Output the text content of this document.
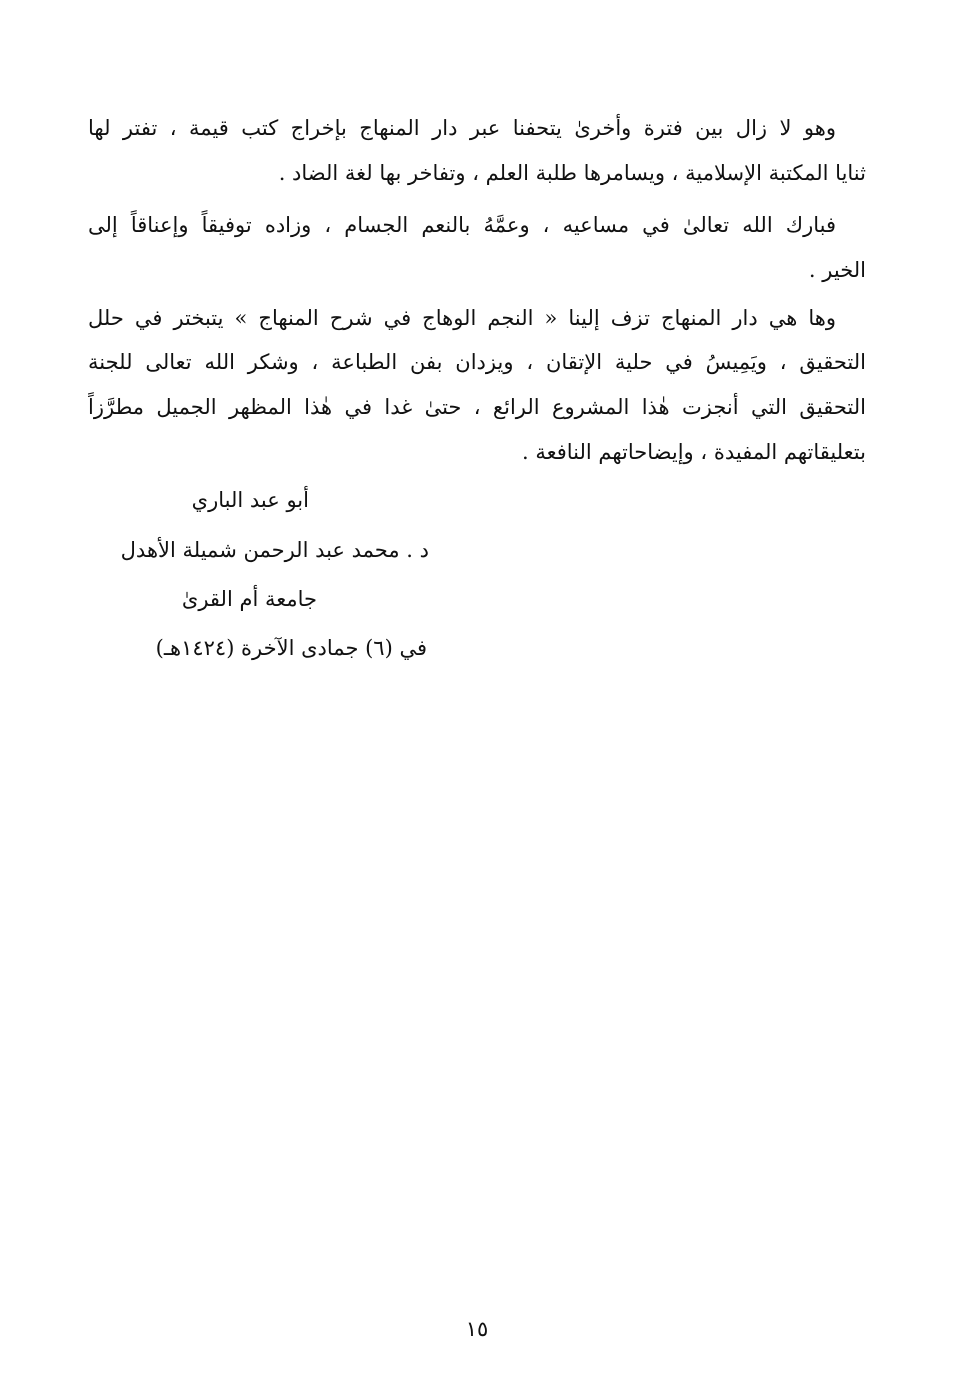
وهو لا زال بين فترة وأخرىٰ يتحفنا عبر دار المنهاج بإخراج كتب قيمة ، تفتر لها
ثنايا المكتبة الإسلامية ، ويسامرها طلبة العلم ، وتفاخر بها لغة الضاد .
فبارك الله تعالىٰ في مساعيه ، وعمَّهُ بالنعم الجسام ، وزاده توفيقاً وإعناقاً إلى
الخير .
وها هي دار المنهاج تزف إلينا « النجم الوهاج في شرح المنهاج » يتبختر في حلل
التحقيق ، ويَمِيسُ في حلية الإتقان ، ويزدان بفن الطباعة ، وشكر الله تعالى للجنة
التحقيق التي أنجزت هٰذا المشروع الرائع ، حتىٰ غدا في هٰذا المظهر الجميل مطرَّزاً
بتعليقاتهم المفيدة ، وإيضاحاتهم النافعة .
أبو عبد الباري
د . محمد عبد الرحمن شميلة الأهدل
جامعة أم القرىٰ
في (٦) جمادى الآخرة (١٤٢٤هـ)
١٥
